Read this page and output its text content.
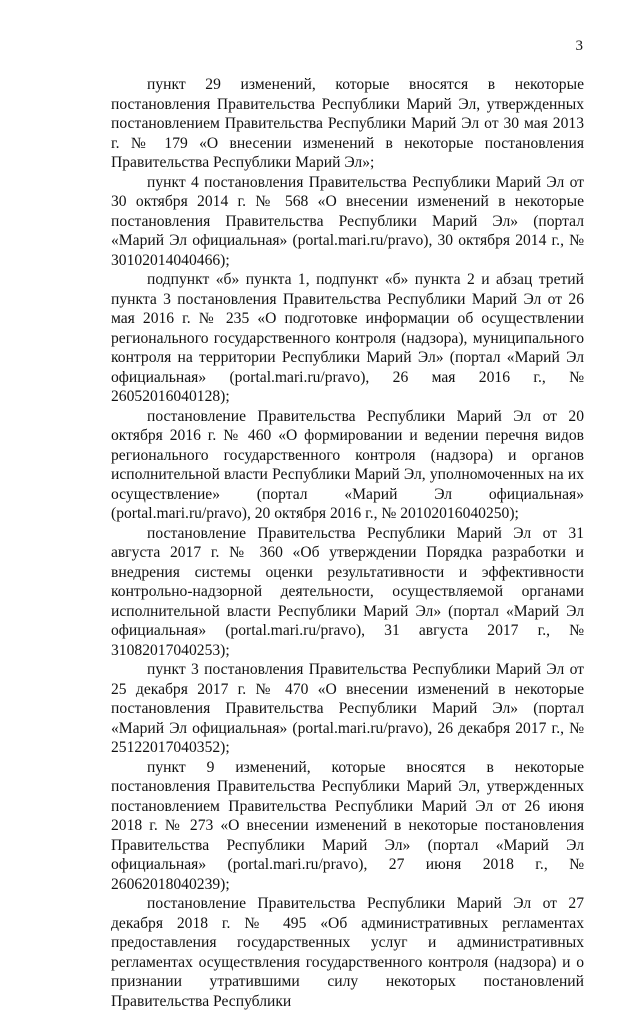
3

пункт 29 изменений, которые вносятся в некоторые постановления Правительства Республики Марий Эл, утвержденных постановлением Правительства Республики Марий Эл от 30 мая 2013 г. № 179 «О внесении изменений в некоторые постановления Правительства Республики Марий Эл»;

пункт 4 постановления Правительства Республики Марий Эл от 30 октября 2014 г. № 568 «О внесении изменений в некоторые постановления Правительства Республики Марий Эл» (портал «Марий Эл официальная» (portal.mari.ru/pravo), 30 октября 2014 г., № 30102014040466);

подпункт «б» пункта 1, подпункт «б» пункта 2 и абзац третий пункта 3 постановления Правительства Республики Марий Эл от 26 мая 2016 г. № 235 «О подготовке информации об осуществлении регионального государственного контроля (надзора), муниципального контроля на территории Республики Марий Эл» (портал «Марий Эл официальная» (portal.mari.ru/pravo), 26 мая 2016 г., № 26052016040128);

постановление Правительства Республики Марий Эл от 20 октября 2016 г. № 460 «О формировании и ведении перечня видов регионального государственного контроля (надзора) и органов исполнительной власти Республики Марий Эл, уполномоченных на их осуществление» (портал «Марий Эл официальная» (portal.mari.ru/pravo), 20 октября 2016 г., № 20102016040250);

постановление Правительства Республики Марий Эл от 31 августа 2017 г. № 360 «Об утверждении Порядка разработки и внедрения системы оценки результативности и эффективности контрольно-надзорной деятельности, осуществляемой органами исполнительной власти Республики Марий Эл» (портал «Марий Эл официальная» (portal.mari.ru/pravo), 31 августа 2017 г., № 31082017040253);

пункт 3 постановления Правительства Республики Марий Эл от 25 декабря 2017 г. № 470 «О внесении изменений в некоторые постановления Правительства Республики Марий Эл» (портал «Марий Эл официальная» (portal.mari.ru/pravo), 26 декабря 2017 г., № 25122017040352);

пункт 9 изменений, которые вносятся в некоторые постановления Правительства Республики Марий Эл, утвержденных постановлением Правительства Республики Марий Эл от 26 июня 2018 г. № 273 «О внесении изменений в некоторые постановления Правительства Республики Марий Эл» (портал «Марий Эл официальная» (portal.mari.ru/pravo), 27 июня 2018 г., № 26062018040239);

постановление Правительства Республики Марий Эл от 27 декабря 2018 г. № 495 «Об административных регламентах предоставления государственных услуг и административных регламентах осуществления государственного контроля (надзора) и о признании утратившими силу некоторых постановлений Правительства Республики
